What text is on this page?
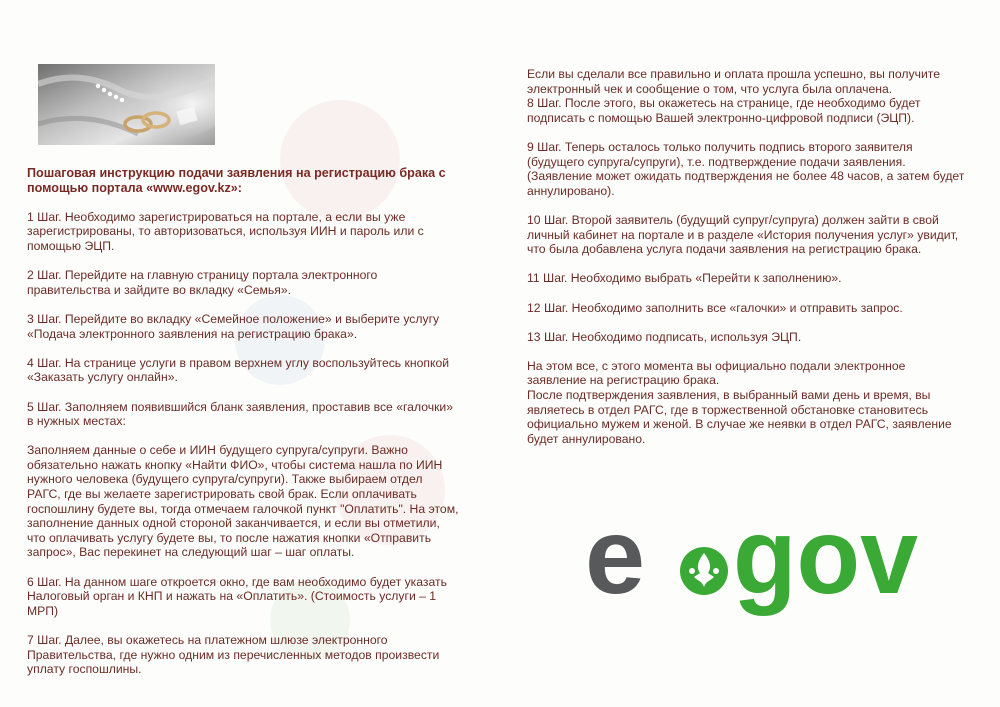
Пошаговая инструкцию подачи заявления на регистрацию брака с помощью портала «www.egov.kz»:

1 Шаг. Необходимо зарегистрироваться на портале, а если вы уже зарегистрированы, то авторизоваться, используя ИИН и пароль или с помощью ЭЦП.

2 Шаг. Перейдите на главную страницу портала электронного правительства и зайдите во вкладку «Семья».

3 Шаг. Перейдите во вкладку «Семейное положение» и выберите услугу «Подача электронного заявления на регистрацию брака».

4 Шаг. На странице услуги в правом верхнем углу воспользуйтесь кнопкой «Заказать услугу онлайн».

5 Шаг. Заполняем появившийся бланк заявления, проставив все «галочки» в нужных местах:

Заполняем данные о себе и ИИН будущего супруга/супруги. Важно обязательно нажать кнопку «Найти ФИО», чтобы система нашла по ИИН нужного человека (будущего супруга/супруги). Также выбираем отдел РАГС, где вы желаете зарегистрировать свой брак. Если оплачивать госпошлину будете вы, тогда отмечаем галочкой пункт "Оплатить". На этом, заполнение данных одной стороной заканчивается, и если вы отметили, что оплачивать услугу будете вы, то после нажатия кнопки «Отправить запрос», Вас перекинет на следующий шаг – шаг оплаты.

6 Шаг. На данном шаге откроется окно, где вам необходимо будет указать Налоговый орган и КНП и нажать на «Оплатить». (Стоимость услуги – 1 МРП)

7 Шаг. Далее, вы окажетесь на платежном шлюзе электронного Правительства, где нужно одним из перечисленных методов произвести уплату госпошлины.

Если вы сделали все правильно и оплата прошла успешно, вы получите электронный чек и сообщение о том, что услуга была оплачена.
8 Шаг. После этого, вы окажетесь на странице, где необходимо будет подписать с помощью Вашей электронно-цифровой подписи (ЭЦП).

9 Шаг. Теперь осталось только получить подпись второго заявителя (будущего супруга/супруги), т.е. подтверждение подачи заявления. (Заявление может ожидать подтверждения не более 48 часов, а затем будет аннулировано).

10 Шаг. Второй заявитель (будущий супруг/супруга) должен зайти в свой личный кабинет на портале и в разделе «История получения услуг» увидит, что была добавлена услуга подачи заявления на регистрацию брака.

11 Шаг. Необходимо выбрать «Перейти к заполнению».

12 Шаг. Необходимо заполнить все «галочки» и отправить запрос.

13 Шаг. Необходимо подписать, используя ЭЦП.

На этом все, с этого момента вы официально подали электронное заявление на регистрацию брака.
После подтверждения заявления, в выбранный вами день и время, вы являетесь в отдел РАГС, где в торжественной обстановке становитесь официально мужем и женой. В случае же неявки в отдел РАГС, заявление будет аннулировано.

e gov
